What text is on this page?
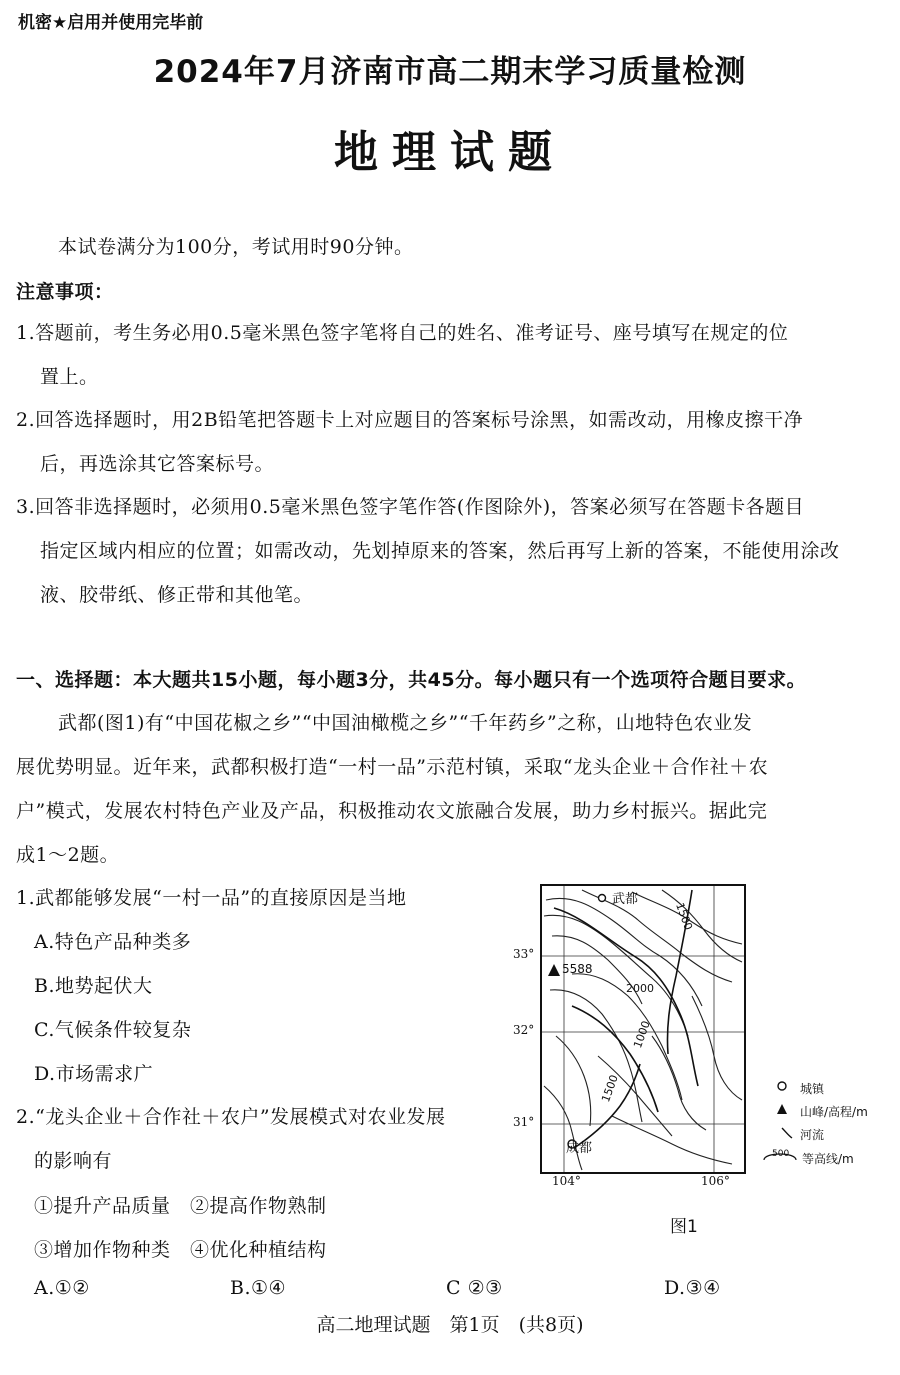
机密★启用并使用完毕前
2024年7月济南市高二期末学习质量检测
地理试题
本试卷满分为100分，考试用时90分钟。
注意事项：
1.答题前，考生务必用0.5毫米黑色签字笔将自己的姓名、准考证号、座号填写在规定的位
置上。
2.回答选择题时，用2B铅笔把答题卡上对应题目的答案标号涂黑，如需改动，用橡皮擦干净
后，再选涂其它答案标号。
3.回答非选择题时，必须用0.5毫米黑色签字笔作答(作图除外)，答案必须写在答题卡各题目
指定区域内相应的位置；如需改动，先划掉原来的答案，然后再写上新的答案，不能使用涂改
液、胶带纸、修正带和其他笔。
一、选择题：本大题共15小题，每小题3分，共45分。每小题只有一个选项符合题目要求。
武都(图1)有“中国花椒之乡”“中国油橄榄之乡”“千年药乡”之称，山地特色农业发
展优势明显。近年来，武都积极打造“一村一品”示范村镇，采取“龙头企业＋合作社＋农
户”模式，发展农村特色产业及产品，积极推动农文旅融合发展，助力乡村振兴。据此完
成1～2题。
1.武都能够发展“一村一品”的直接原因是当地
A.特色产品种类多
B.地势起伏大
C.气候条件较复杂
D.市场需求广
2.“龙头企业＋合作社＋农户”发展模式对农业发展
的影响有
①提升产品质量　②提高作物熟制
③增加作物种类　④优化种植结构
A.①②	B.①④	C ②③	D.③④
武都
成都
5588
1500
2000
1000
1500
33°
32°
31°
104°	106°
城镇
山峰/高程/m
河流
500 等高线/m
图1
高二地理试题　第1页　(共8页)
